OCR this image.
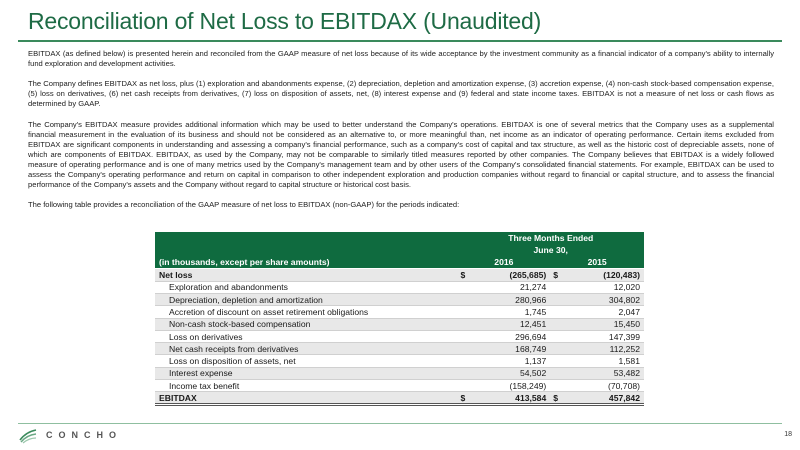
Reconciliation of Net Loss to EBITDAX (Unaudited)

EBITDAX (as defined below) is presented herein and reconciled from the GAAP measure of net loss because of its wide acceptance by the investment community as a financial indicator of a company's ability to internally fund exploration and development activities.

The Company defines EBITDAX as net loss, plus (1) exploration and abandonments expense, (2) depreciation, depletion and amortization expense, (3) accretion expense, (4) non-cash stock-based compensation expense, (5) loss on derivatives, (6) net cash receipts from derivatives, (7) loss on disposition of assets, net, (8) interest expense and (9) federal and state income taxes. EBITDAX is not a measure of net loss or cash flows as determined by GAAP.

The Company's EBITDAX measure provides additional information which may be used to better understand the Company's operations. EBITDAX is one of several metrics that the Company uses as a supplemental financial measurement in the evaluation of its business and should not be considered as an alternative to, or more meaningful than, net income as an indicator of operating performance. Certain items excluded from EBITDAX are significant components in understanding and assessing a company's financial performance, such as a company's cost of capital and tax structure, as well as the historic cost of depreciable assets, none of which are components of EBITDAX. EBITDAX, as used by the Company, may not be comparable to similarly titled measures reported by other companies. The Company believes that EBITDAX is a widely followed measure of operating performance and is one of many metrics used by the Company's management team and by other users of the Company's consolidated financial statements. For example, EBITDAX can be used to assess the Company's operating performance and return on capital in comparison to other independent exploration and production companies without regard to financial or capital structure, and to assess the financial performance of the Company's assets and the Company without regard to capital structure or historical cost basis.

The following table provides a reconciliation of the GAAP measure of net loss to EBITDAX (non-GAAP) for the periods indicated:

	Three Months Ended			
	June 30,			
(in thousands, except per share amounts)	2016		2015	
Net loss	$	(265,685)	$	(120,483)
Exploration and abandonments		21,274		12,020
Depreciation, depletion and amortization		280,966		304,802
Accretion of discount on asset retirement obligations		1,745		2,047
Non-cash stock-based compensation		12,451		15,450
Loss on derivatives		296,694		147,399
Net cash receipts from derivatives		168,749		112,252
Loss on disposition of assets, net		1,137		1,581
Interest expense		54,502		53,482
Income tax benefit		(158,249)		(70,708)
EBITDAX	$	413,584	$	457,842
CONCHO	18
